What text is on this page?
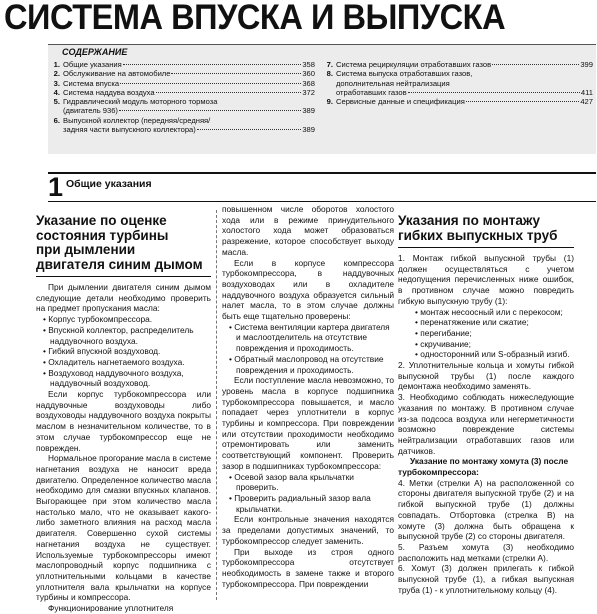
СИСТЕМА ВПУСКА И ВЫПУСКА
СОДЕРЖАНИЕ
1. Общие указания	358
2. Обслуживание на автомобиле	360
3. Система впуска	368
4. Система наддува воздуха	372
5. Гидравлический модуль моторного тормоза
(двигатель 936)	389
6. Выпускной коллектор (передняя/средняя/
задняя части выпускного коллектора)	389
7. Система рециркуляции отработавших газов	399
8. Система выпуска отработавших газов,
дополнительная нейтрализация
отработавших газов	411
9. Сервисные данные и спецификация	427
1 Общие указания
Указание по оценке
состояния турбины
при дымлении
двигателя синим дымом
При дымлении двигателя синим дымом следующие детали необходимо проверить на предмет пропускания масла:
• Корпус турбокомпрессора.
• Впускной коллектор, распределитель наддувочного воздуха.
• Гибкий впускной воздуховод.
• Охладитель нагнетаемого воздуха.
• Воздуховод наддувочного воздуха, наддувочный воздуховод.
Если корпус турбокомпрессора или наддувочные воздуховоды либо воздуховоды наддувочного воздуха покрыты маслом в незначительном количестве, то в этом случае турбокомпрессор еще не поврежден.
Нормальное прогорание масла в системе нагнетания воздуха не наносит вреда двигателю. Определенное количество масла необходимо для смазки впускных клапанов. Выгорающее при этом количество масла настолько мало, что не оказывает какого-либо заметного влияния на расход масла двигателя. Совершенно сухой системы нагнетания воздуха не существует. Используемые турбокомпрессоры имеют маслопроводный корпус подшипника с уплотнительными кольцами в качестве уплотнителя вала крыльчатки на корпусе турбины и компрессора.
Функционирование уплотнителя
повышенном числе оборотов холостого хода или в режиме принудительного холостого хода может образоваться разрежение, которое способствует выходу масла.
Если в корпусе компрессора турбокомпрессора, в наддувочных воздуховодах или в охладителе наддувочного воздуха образуется сильный налет масла, то в этом случае должны быть еще тщательно проверены:
• Система вентиляции картера двигателя и маслоотделитель на отсутствие повреждения и проходимость.
• Обратный маслопровод на отсутствие повреждения и проходимость.
Если поступление масла невозможно, то уровень масла в корпусе подшипника турбокомпрессора повышается, и масло попадает через уплотнители в корпус турбины и компрессора. При повреждении или отсутствии проходимости необходимо отремонтировать или заменить соответствующий компонент. Проверить зазор в подшипниках турбокомпрессора:
• Осевой зазор вала крыльчатки проверить.
• Проверить радиальный зазор вала крыльчатки.
Если контрольные значения находятся за пределами допустимых значений, то турбокомпрессор следует заменить.
При выходе из строя одного турбокомпрессора отсутствует необходимость в замене также и второго турбокомпрессора. При повреждении
Указания по монтажу
гибких выпускных труб
1. Монтаж гибкой выпускной трубы (1) должен осуществляться с учетом недопущения перечисленных ниже ошибок, в противном случае можно повредить гибкую выпускную трубу (1):
• монтаж несоосный или с перекосом;
• перенатяжение или сжатие;
• перегибание;
• скручивание;
• односторонний или S-образный изгиб.
2. Уплотнительные кольца и хомуты гибкой выпускной трубы (1) после каждого демонтажа необходимо заменять.
3. Необходимо соблюдать нижеследующие указания по монтажу. В противном случае из-за подсоса воздуха или негерметичности возможно повреждение системы нейтрализации отработавших газов или датчиков.
Указание по монтажу хомута (3) после турбокомпрессора:
4. Метки (стрелки А) на расположенной со стороны двигателя выпускной трубе (2) и на гибкой выпускной трубе (1) должны совпадать. Отбортовка (стрелка B) на хомуте (3) должна быть обращена к выпускной трубе (2) со стороны двигателя.
5. Разъем хомута (3) необходимо расположить над метками (стрелки А).
6. Хомут (3) должен прилегать к гибкой выпускной трубе (1), а гибкая выпускная труба (1) - к уплотнительному кольцу (4).
